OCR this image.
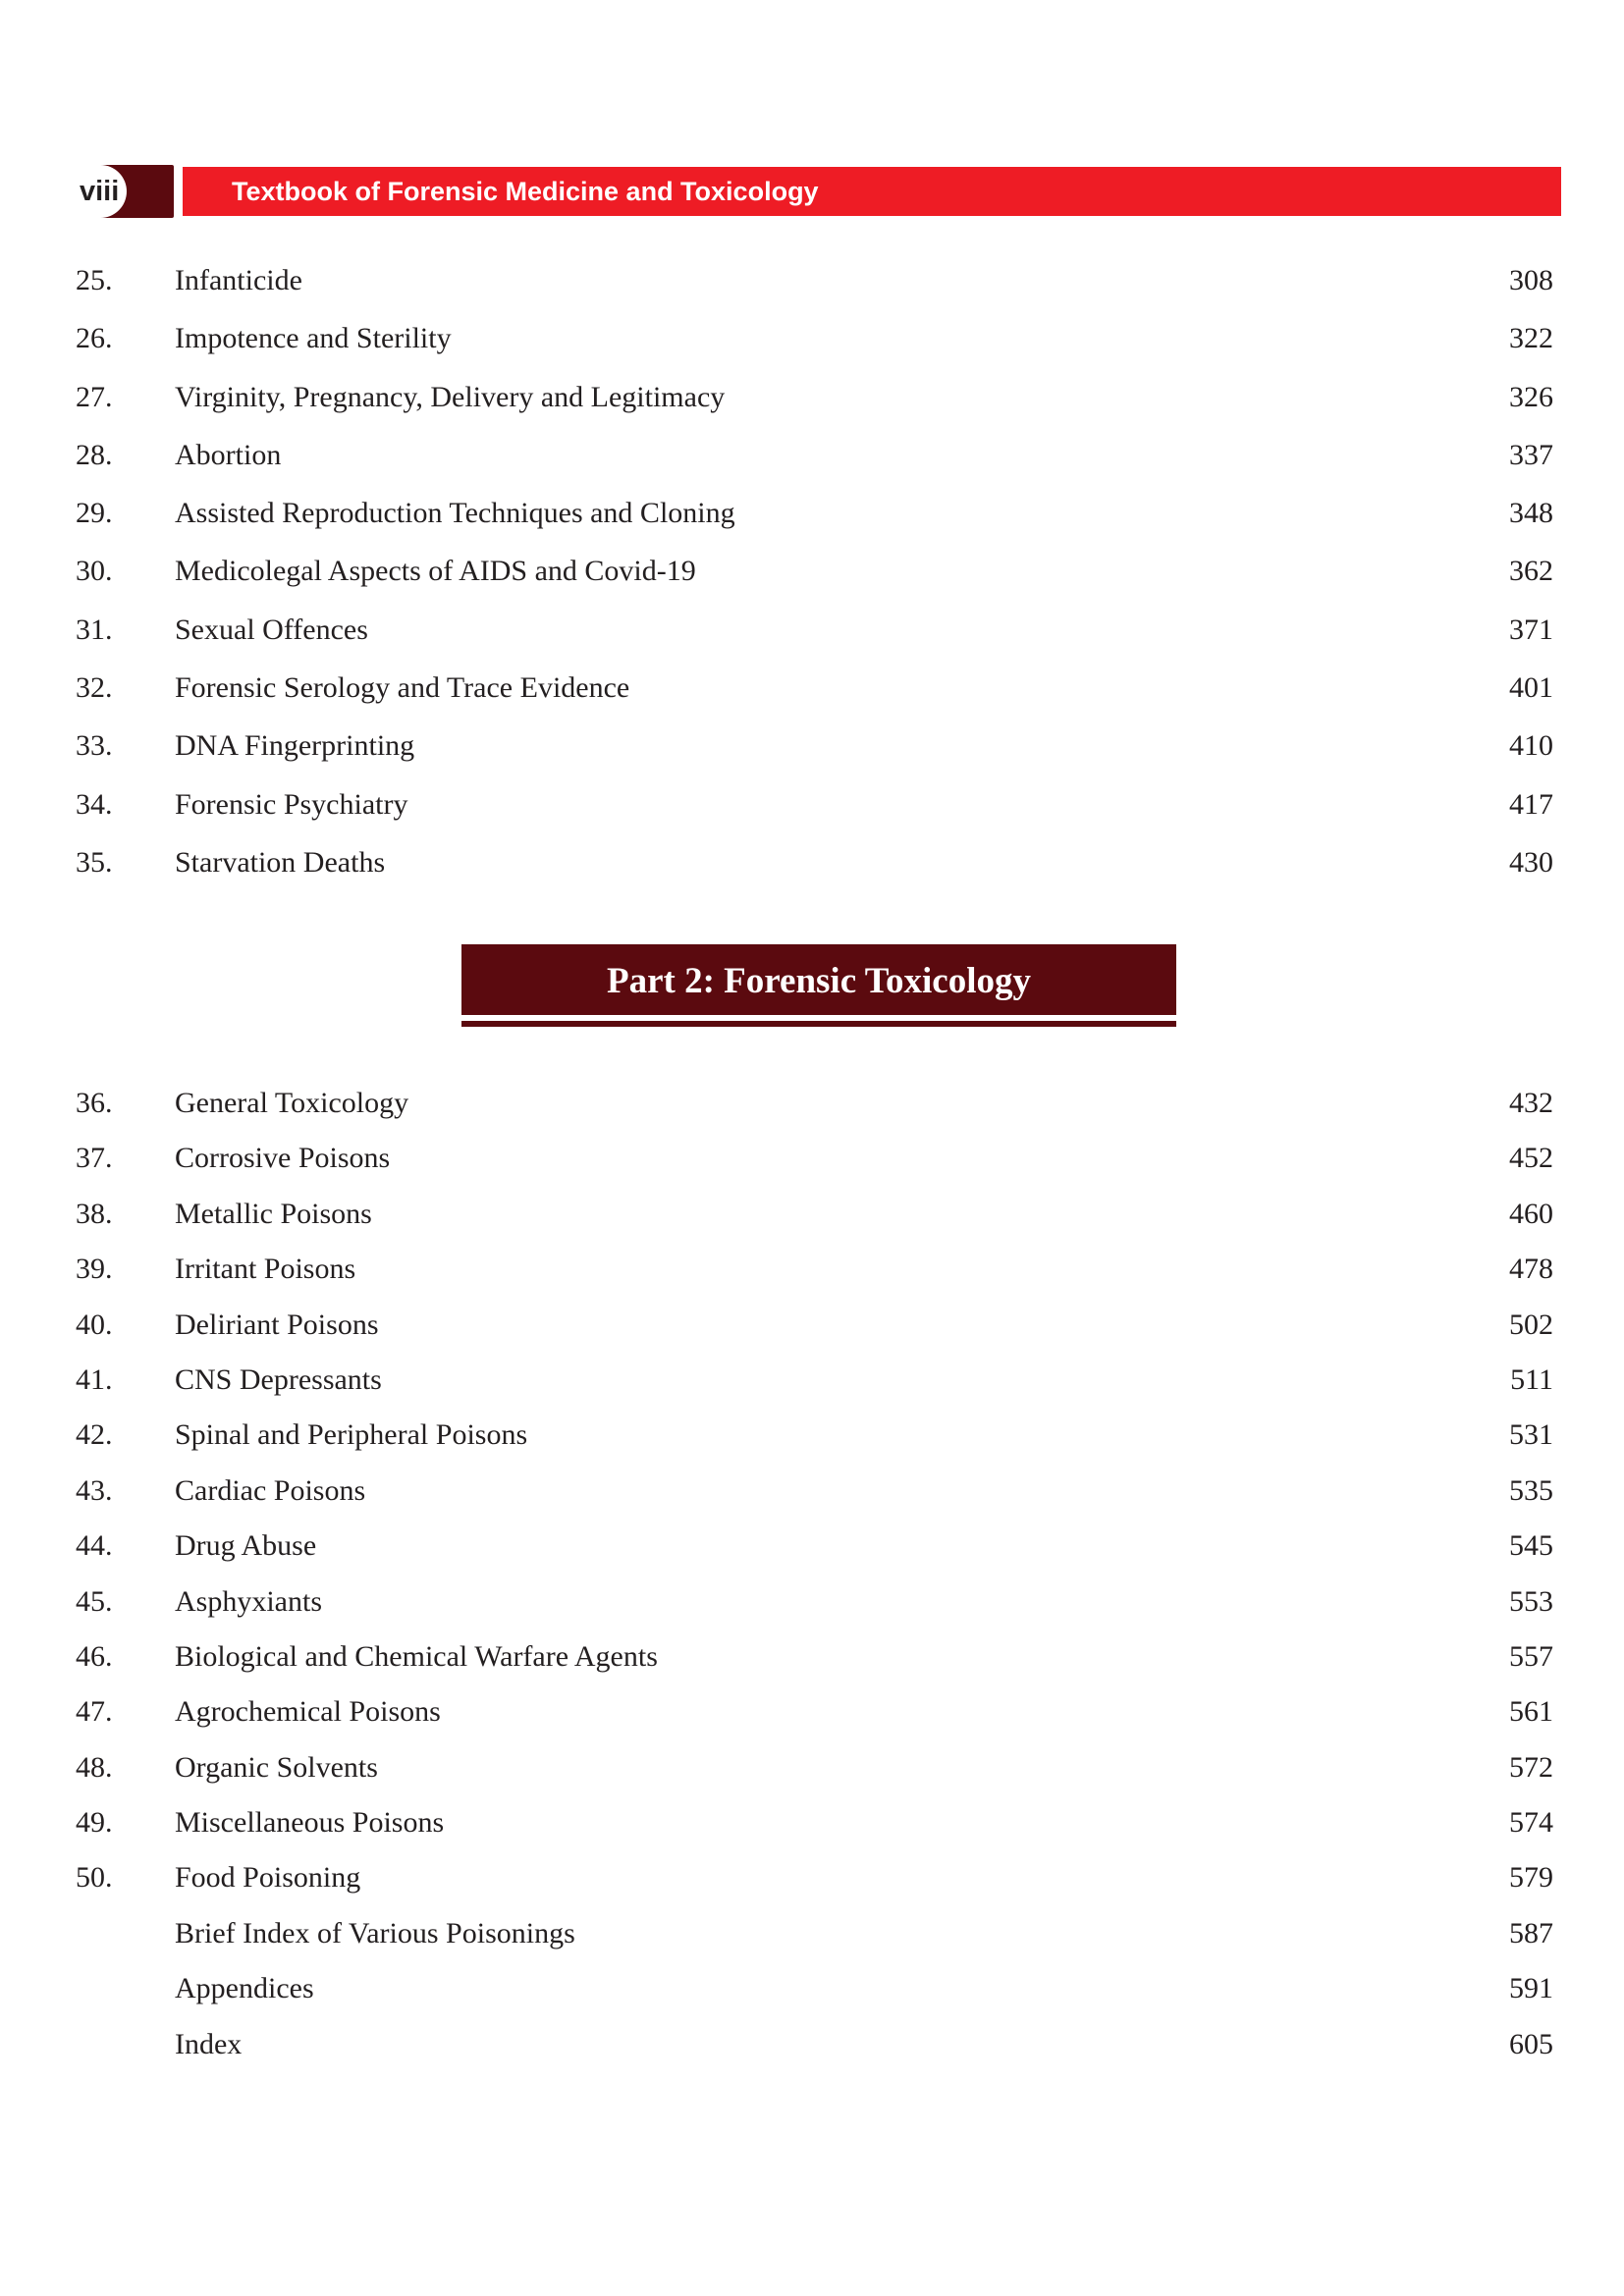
viii	Textbook of Forensic Medicine and Toxicology
25. Infanticide	308
26. Impotence and Sterility	322
27. Virginity, Pregnancy, Delivery and Legitimacy	326
28. Abortion	337
29. Assisted Reproduction Techniques and Cloning	348
30. Medicolegal Aspects of AIDS and Covid-19	362
31. Sexual Offences	371
32. Forensic Serology and Trace Evidence	401
33. DNA Fingerprinting	410
34. Forensic Psychiatry	417
35. Starvation Deaths	430
Part 2: Forensic Toxicology
36. General Toxicology	432
37. Corrosive Poisons	452
38. Metallic Poisons	460
39. Irritant Poisons	478
40. Deliriant Poisons	502
41. CNS Depressants	511
42. Spinal and Peripheral Poisons	531
43. Cardiac Poisons	535
44. Drug Abuse	545
45. Asphyxiants	553
46. Biological and Chemical Warfare Agents	557
47. Agrochemical Poisons	561
48. Organic Solvents	572
49. Miscellaneous Poisons	574
50. Food Poisoning	579
Brief Index of Various Poisonings	587
Appendices	591
Index	605
